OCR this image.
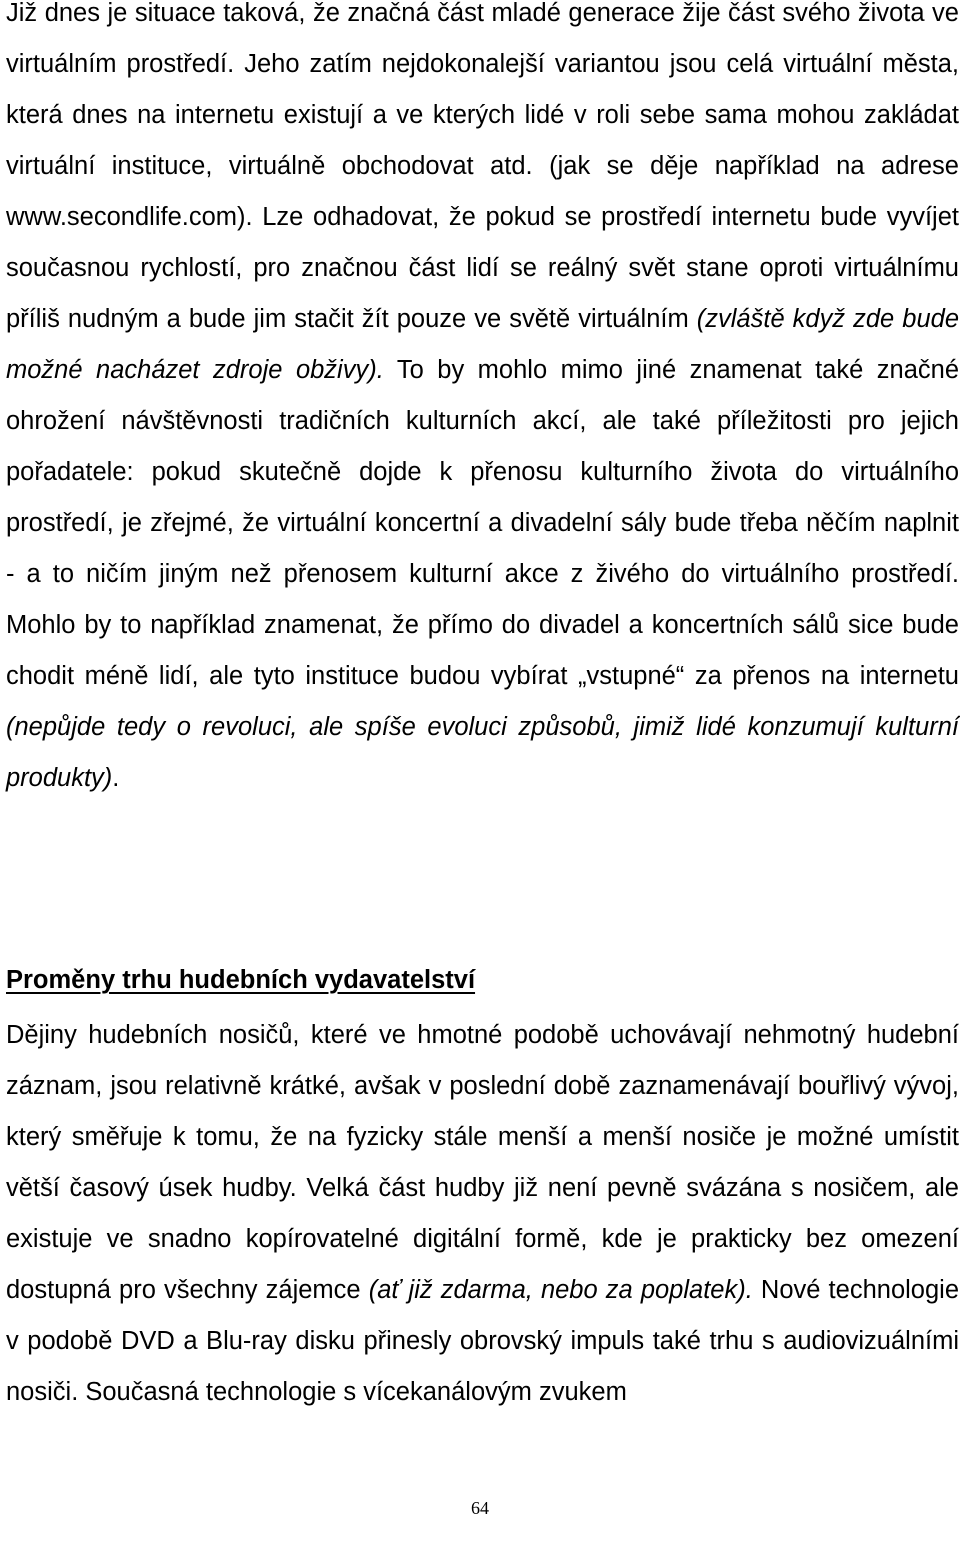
Již dnes je situace taková, že značná část mladé generace žije část svého života ve virtuálním prostředí. Jeho zatím nejdokonalejší variantou jsou celá virtuální města, která dnes na internetu existují a ve kterých lidé v roli sebe sama mohou zakládat virtuální instituce, virtuálně obchodovat atd. (jak se děje například na adrese www.secondlife.com). Lze odhadovat, že pokud se prostředí internetu bude vyvíjet současnou rychlostí, pro značnou část lidí se reálný svět stane oproti virtuálnímu příliš nudným a bude jim stačit žít pouze ve světě virtuálním (zvláště když zde bude možné nacházet zdroje obživy). To by mohlo mimo jiné znamenat také značné ohrožení návštěvnosti tradičních kulturních akcí, ale také příležitosti pro jejich pořadatele: pokud skutečně dojde k přenosu kulturního života do virtuálního prostředí, je zřejmé, že virtuální koncertní a divadelní sály bude třeba něčím naplnit - a to ničím jiným než přenosem kulturní akce z živého do virtuálního prostředí. Mohlo by to například znamenat, že přímo do divadel a koncertních sálů sice bude chodit méně lidí, ale tyto instituce budou vybírat „vstupné“ za přenos na internetu (nepůjde tedy o revoluci, ale spíše evoluci způsobů, jimiž lidé konzumují kulturní produkty).

Proměny trhu hudebních vydavatelství

Dějiny hudebních nosičů, které ve hmotné podobě uchovávají nehmotný hudební záznam, jsou relativně krátké, avšak v poslední době zaznamenávají bouřlivý vývoj, který směřuje k tomu, že na fyzicky stále menší a menší nosiče je možné umístit větší časový úsek hudby. Velká část hudby již není pevně svázána s nosičem, ale existuje ve snadno kopírovatelné digitální formě, kde je prakticky bez omezení dostupná pro všechny zájemce (ať již zdarma, nebo za poplatek). Nové technologie v podobě DVD a Blu-ray disku přinesly obrovský impuls také trhu s audiovizuálními nosiči. Současná technologie s vícekanálovým zvukem

64
